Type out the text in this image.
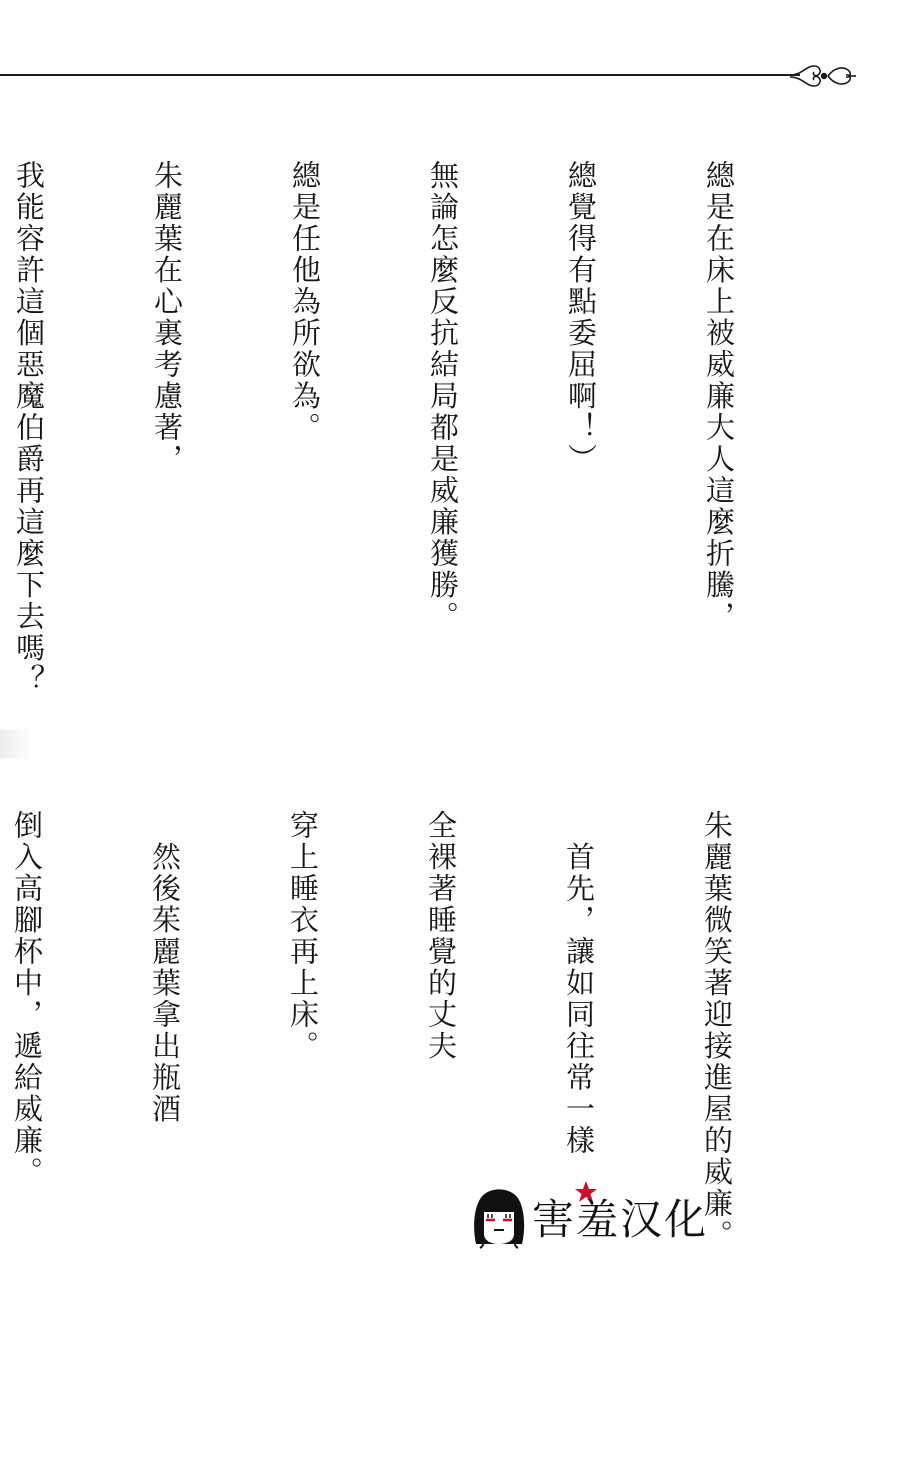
總是在床上被威廉大人這麼折騰，

總覺得有點委屈啊！）

無論怎麼反抗結局都是威廉獲勝。

總是任他為所欲為。

朱麗葉在心裏考慮著，

我能容許這個惡魔伯爵再這麼下去嗎？

朱麗葉微笑著迎接進屋的威廉。

　首先，讓如同往常一樣

全裸著睡覺的丈夫

穿上睡衣再上床。

　然後茱麗葉拿出瓶酒

倒入高腳杯中，遞給威廉。

害羞汉化
